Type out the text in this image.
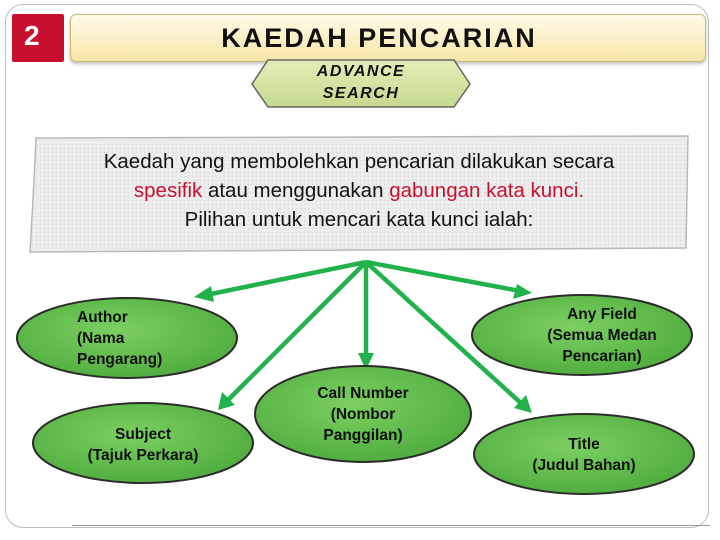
2	KAEDAH PENCARIAN
ADVANCE
SEARCH
Kaedah yang membolehkan pencarian dilakukan secara
spesifik atau menggunakan gabungan kata kunci.
Pilihan untuk mencari kata kunci ialah:
Author
(Nama
Pengarang)
Any Field
(Semua Medan
Pencarian)
Call Number
(Nombor
Panggilan)
Subject
(Tajuk Perkara)
Title
(Judul Bahan)
